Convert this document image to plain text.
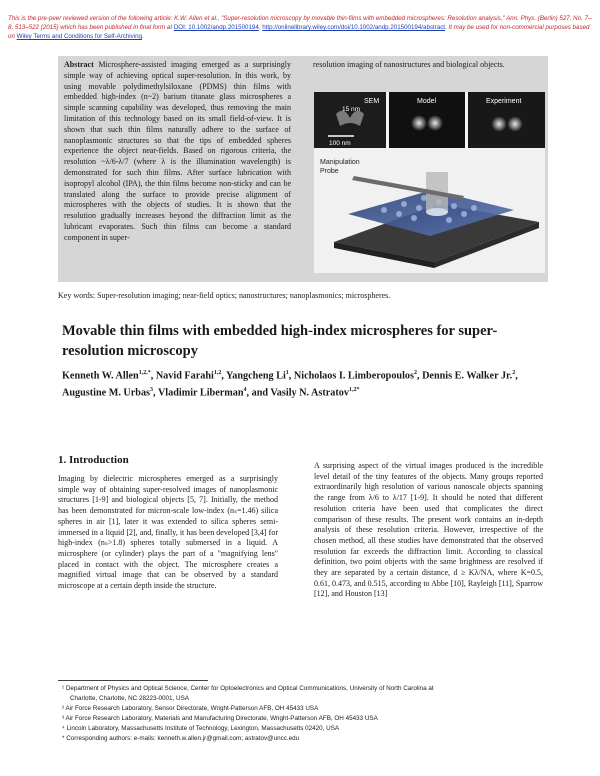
This is the pre-peer reviewed version of the following article: K.W. Allen et al., "Super-resolution microscopy by movable thin-films with embedded microspheres: Resolution analysis," Ann. Phys. (Berlin) 527, No. 7–8, 513–522 (2015) which has been published in final form at DOI: 10.1002/andp.201500194, http://onlinelibrary.wiley.com/doi/10.1002/andp.201500194/abstract. It may be used for non-commercial purposes based on Wiley Terms and Conditions for Self-Archiving.
Abstract Microsphere-assisted imaging emerged as a surprisingly simple way of achieving optical super-resolution. In this work, by using movable polydimethylsiloxane (PDMS) thin films with embedded high-index (n~2) barium titanate glass microspheres a simple scanning capability was developed, thus removing the main limitation of this technology based on its small field-of-view. It is shown that such thin films naturally adhere to the surface of nanoplasmonic structures so that the tips of embedded spheres experience the object near-fields. Based on rigorous criteria, the resolution ~λ/6-λ/7 (where λ is the illumination wavelength) is demonstrated for such thin films. After surface lubrication with isopropyl alcohol (IPA), the thin films become non-sticky and can be translated along the surface to provide precise alignment of microspheres with the objects of studies. It is shown that the resolution gradually increases beyond the diffraction limit as the lubricant evaporates. Such thin films can become a standard component in super-
resolution imaging of nanostructures and biological objects.
SEM
15 nm
100 nm
Model	Experiment
Manipulation
Probe
Key words: Super-resolution imaging; near-field optics; nanostructures; nanoplasmonics; microspheres.
Movable thin films with embedded high-index microspheres for super-resolution microscopy
Kenneth W. Allen$^{1,2,*}$, Navid Farahi$^{1,2}$, Yangcheng Li$^1$, Nicholaos I. Limberopoulos$^2$, Dennis E. Walker Jr.$^2$, Augustine M. Urbas$^3$, Vladimir Liberman$^4$, and Vasily N. Astratov$^{1,2*}$
1. Introduction
Imaging by dielectric microspheres emerged as a surprisingly simple way of obtaining super-resolved images of nanoplasmonic structures [1-9] and biological objects [5, 7]. Initially, the method has been demonstrated for micron-scale low-index (nₛ=1.46) silica spheres in air [1], later it was extended to silica spheres semi-immersed in a liquid [2], and, finally, it has been developed [3,4] for high-index (nₛ>1.8) spheres totally submersed in a liquid. A microsphere (or cylinder) plays the part of a "magnifying lens" placed in contact with the object. The microsphere creates a magnified virtual image that can be observed by a standard microscope at a certain depth inside the structure.
A surprising aspect of the virtual images produced is the incredible level detail of the tiny features of the objects. Many groups reported extraordinarily high resolution of various nanoscale objects spanning the range from λ/6 to λ/17 [1-9]. It should be noted that different resolution criteria have been used that complicates the direct comparison of these results. The present work contains an in-depth analysis of these resolution criteria. However, irrespective of the chosen method, all these studies have demonstrated that the observed resolution far exceeds the diffraction limit. According to classical definition, two point objects with the same brightness are resolved if they are separated by a certain distance, d ≥ Kλ/NA, where K=0.5, 0.61, 0.473, and 0.515, according to Abbe [10], Rayleigh [11], Sparrow [12], and Houston [13]
¹ Department of Physics and Optical Science, Center for Optoelectronics and Optical Communications, University of North Carolina at
Charlotte, Charlotte, NC 28223-0001, USA
² Air Force Research Laboratory, Sensor Directorate, Wright-Patterson AFB, OH 45433 USA
³ Air Force Research Laboratory, Materials and Manufacturing Directorate, Wright-Patterson AFB, OH 45433 USA
⁴ Lincoln Laboratory, Massachusetts Institute of Technology, Lexington, Massachusetts 02420, USA
* Corresponding authors: e-mails: kenneth.w.allen.jr@gmail.com; astratov@uncc.edu
